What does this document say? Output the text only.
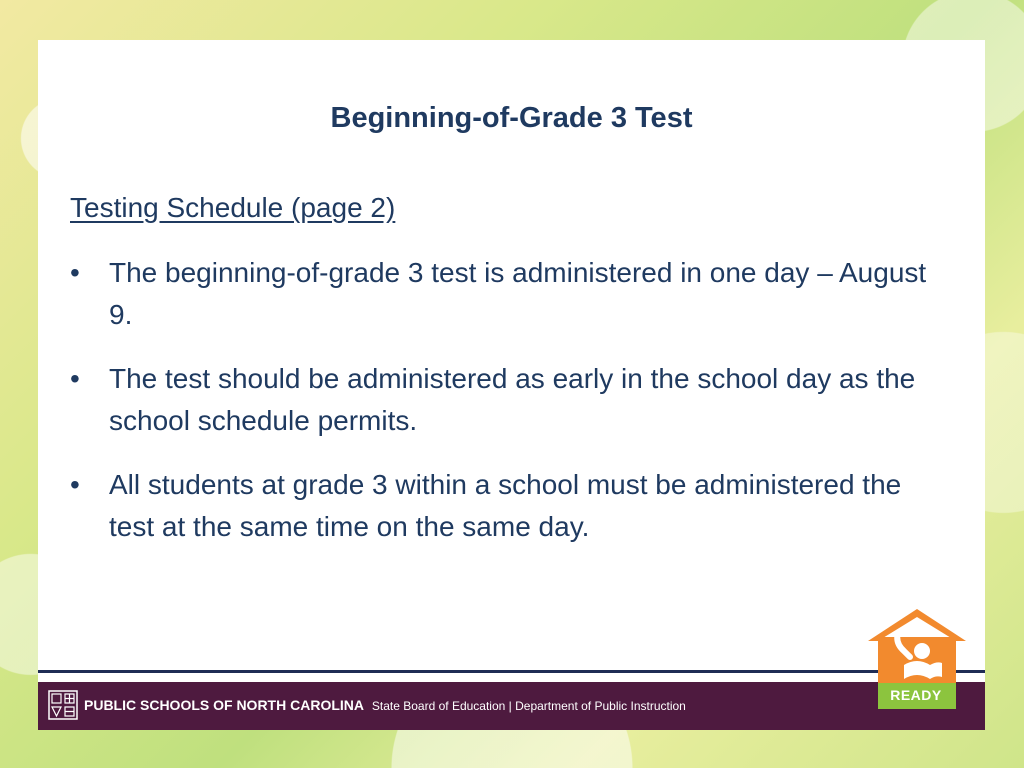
Beginning-of-Grade 3 Test
Testing Schedule (page 2)
• The beginning-of-grade 3 test is administered in one day – August 9.
• The test should be administered as early in the school day as the school schedule permits.
• All students at grade 3 within a school must be administered the test at the same time on the same day.
PUBLIC SCHOOLS OF NORTH CAROLINA State Board of Education | Department of Public Instruction
READY
